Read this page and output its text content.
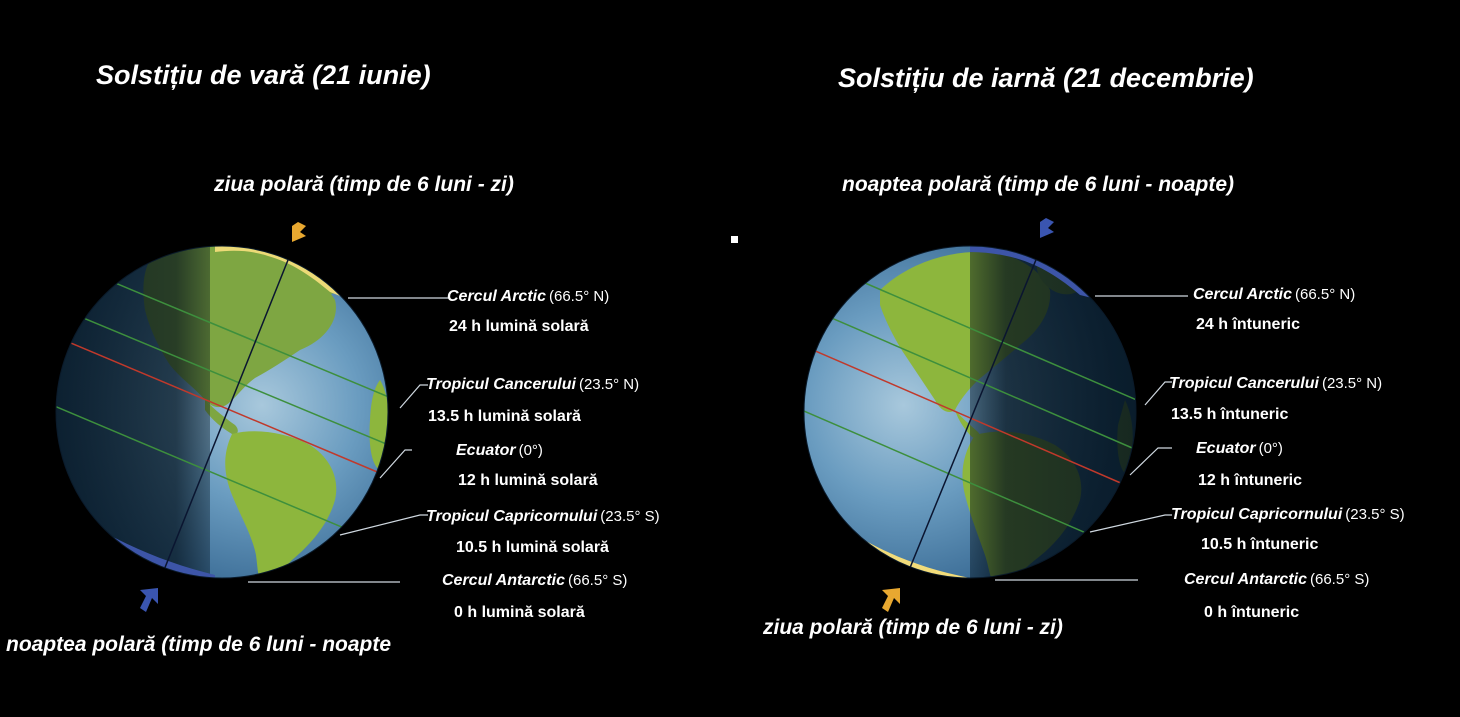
Solstițiu de vară (21 iunie)
ziua polară (timp de 6 luni - zi)
noaptea polară (timp de 6 luni - noapte
Cercul Arctic (66.5° N)
24 h lumină solară
Tropicul Cancerului (23.5° N)
13.5 h lumină solară
Ecuator (0°)
12 h lumină solară
Tropicul Capricornului (23.5° S)
10.5 h lumină solară
Cercul Antarctic (66.5° S)
0 h lumină solară
Solstițiu de iarnă (21 decembrie)
noaptea polară (timp de 6 luni - noapte)
ziua polară (timp de 6 luni - zi)
Cercul Arctic (66.5° N)
24 h întuneric
Tropicul Cancerului (23.5° N)
13.5 h întuneric
Ecuator (0°)
12 h întuneric
Tropicul Capricornului (23.5° S)
10.5 h întuneric
Cercul Antarctic (66.5° S)
0 h întuneric
